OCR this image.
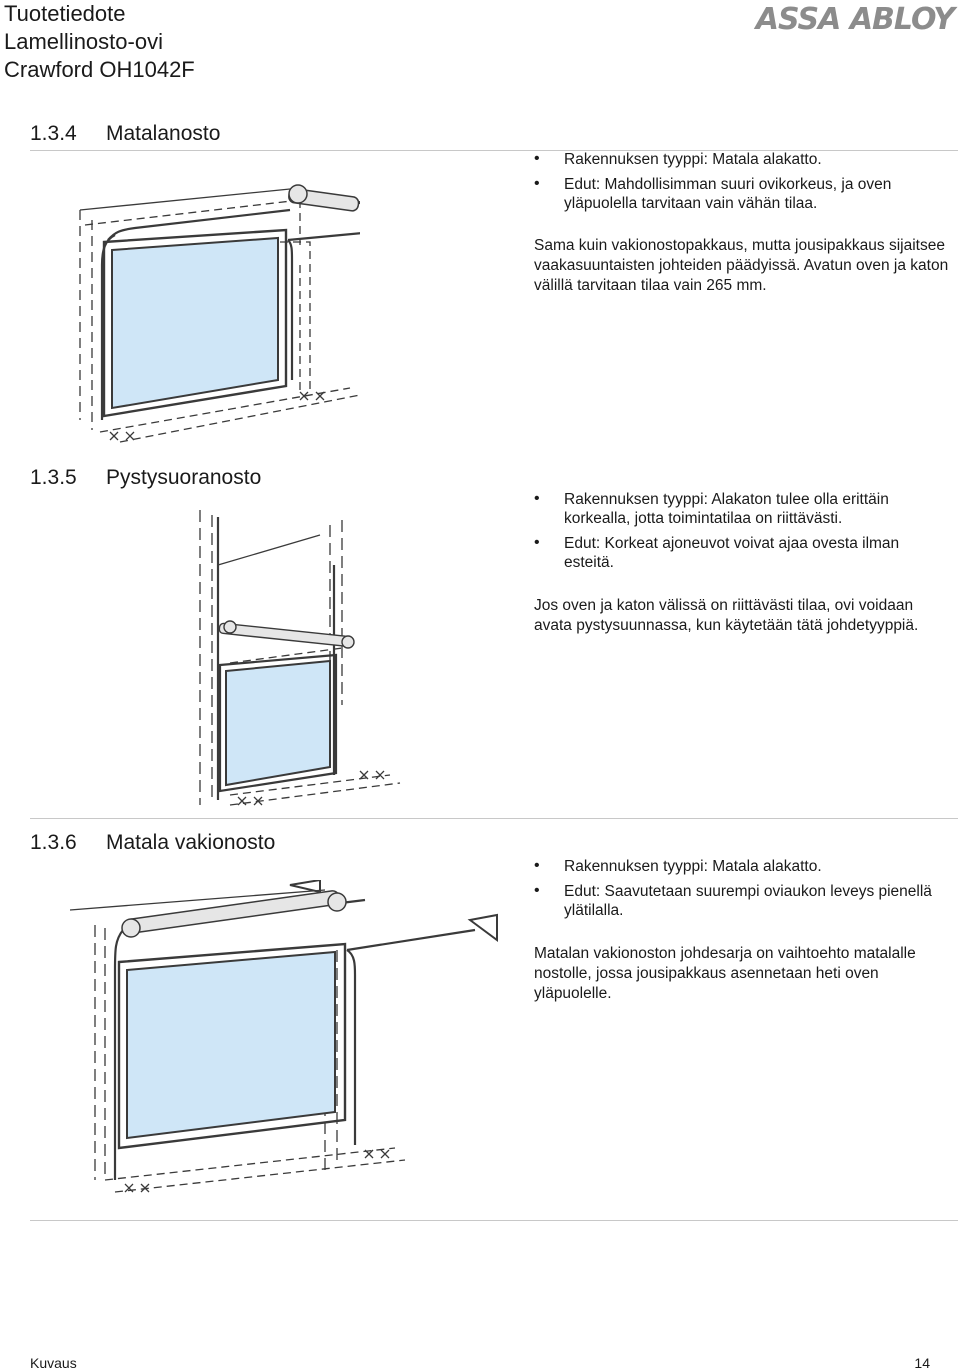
Tuotetiedote
Lamellinosto-ovi
Crawford OH1042F
ASSA ABLOY
1.3.4 Matalanosto
• Rakennuksen tyyppi: Matala alakatto.
• Edut: Mahdollisimman suuri ovikorkeus, ja oven yläpuolella tarvitaan vain vähän tilaa.

Sama kuin vakionostopakkaus, mutta jousipakkaus sijaitsee vaakasuuntaisten johteiden päädyissä. Avatun oven ja katon välillä tarvitaan tilaa vain 265 mm.

1.3.5 Pystysuoranosto
• Rakennuksen tyyppi: Alakaton tulee olla erittäin korkealla, jotta toimintatilaa on riittävästi.
• Edut: Korkeat ajoneuvot voivat ajaa ovesta ilman esteitä.

Jos oven ja katon välissä on riittävästi tilaa, ovi voidaan avata pystysuunnassa, kun käytetään tätä johdetyyppiä.

1.3.6 Matala vakionosto
• Rakennuksen tyyppi: Matala alakatto.
• Edut: Saavutetaan suurempi oviaukon leveys pienellä ylätilalla.

Matalan vakionoston johdesarja on vaihtoehto matalalle nostolle, jossa jousipakkaus asennetaan heti oven yläpuolelle.

Kuvaus	14
